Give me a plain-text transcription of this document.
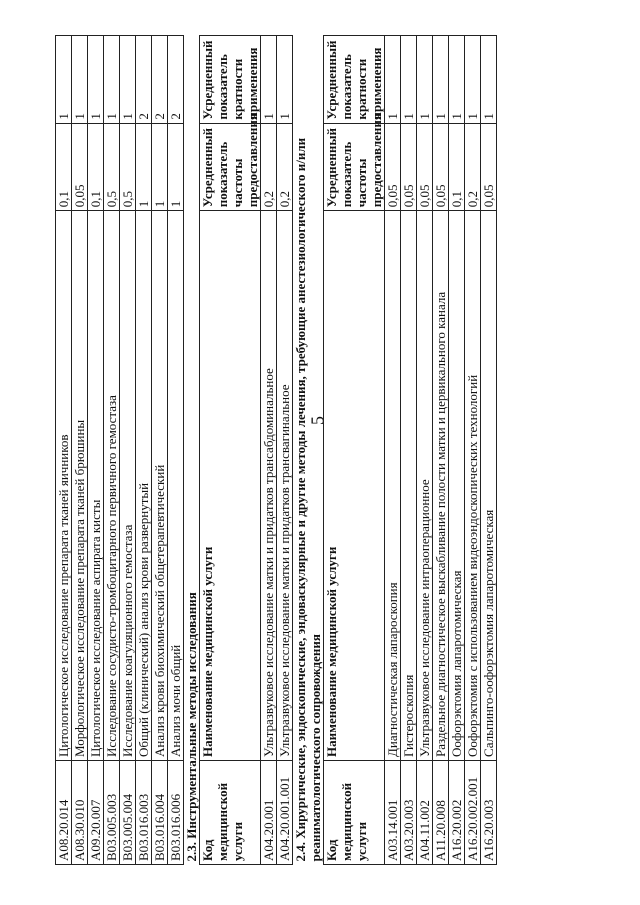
5
A08.20.014	Цитологическое исследование препарата тканей яичников	0,1	1
A08.30.010	Морфологическое исследование препарата тканей брюшины	0,05	1
A09.20.007	Цитологическое исследование аспирата кисты	0,1	1
B03.005.003	Исследование сосудисто-тромбоцитарного первичного гемостаза	0,5	1
B03.005.004	Исследование коагуляционного гемостаза	0,5	1
B03.016.003	Общий (клинический) анализ крови развернутый	1	2
B03.016.004	Анализ крови биохимический общетерапевтический	1	2
B03.016.006	Анализ мочи общий	1	2
2.3. Инструментальные методы исследования			
Код медицинской услуги	Наименование медицинской услуги	Усредненный показатель частоты предоставления	Усредненный показатель кратности применения
A04.20.001	Ультразвуковое исследование матки и придатков трансабдоминальное	0,2	1
A04.20.001.001	Ультразвуковое исследование матки и придатков трансвагинальное	0,2	1
2.4. Хирургические, эндоскопические, эндоваскулярные и другие методы лечения, требующие анестезиологического и/или реаниматологического сопровождения			
Код медицинской услуги	Наименование медицинской услуги	Усредненный показатель частоты предоставления	Усредненный показатель кратности применения
A03.14.001	Диагностическая лапароскопия	0,05	1
A03.20.003	Гистероскопия	0,05	1
A04.11.002	Ультразвуковое исследование интраоперационное	0,05	1
A11.20.008	Раздельное диагностическое выскабливание полости матки и цервикального канала	0,05	1
A16.20.002	Оофорэктомия лапаротомическая	0,1	1
A16.20.002.001	Оофорэктомия с использованием видеоэндоскопических технологий	0,2	1
A16.20.003	Сальпинго-оофорэктомия лапаротомическая	0,05	1
